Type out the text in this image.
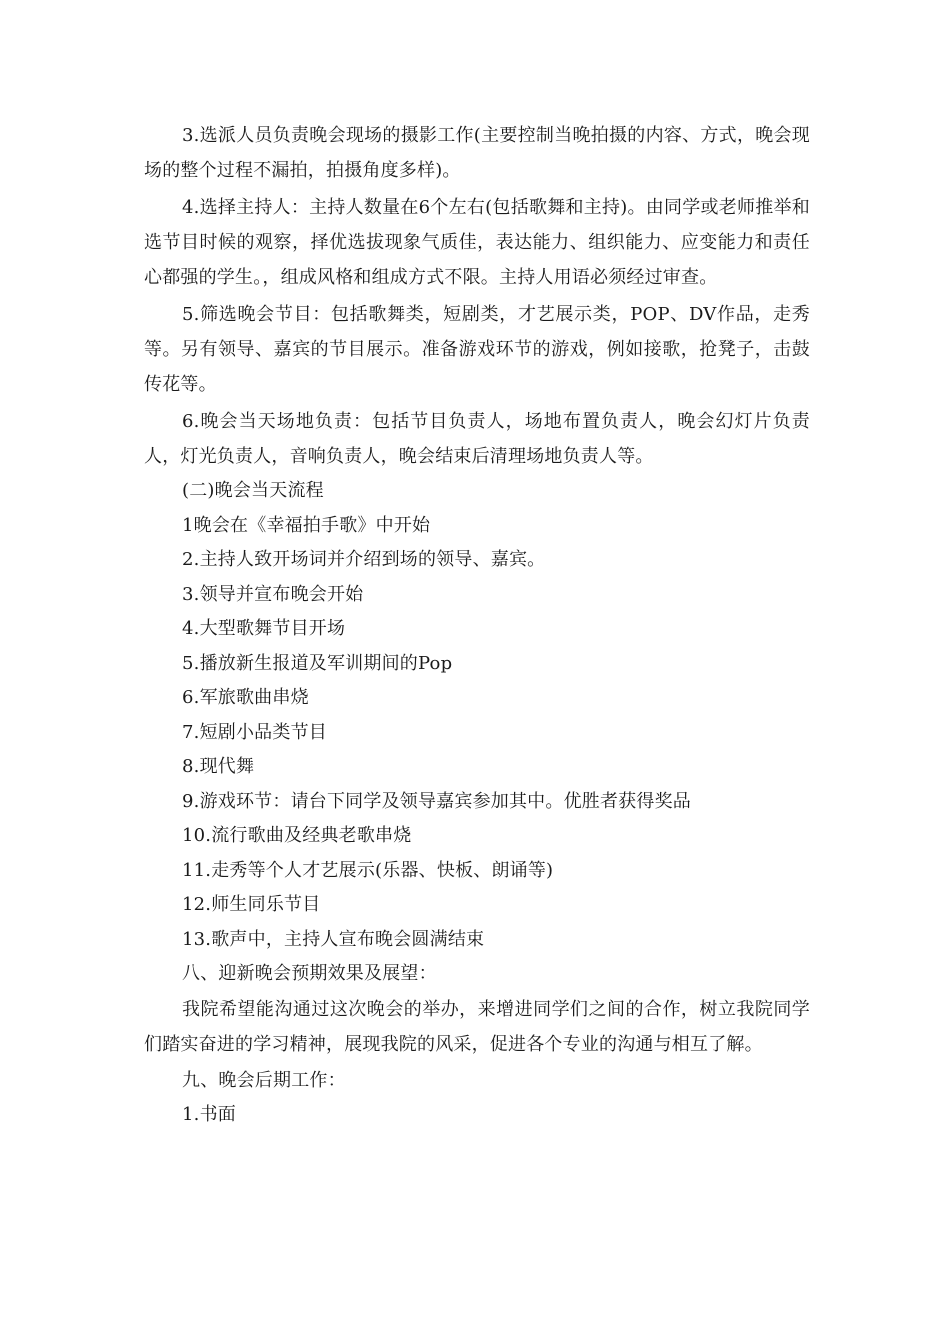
3.选派人员负责晚会现场的摄影工作(主要控制当晚拍摄的内容、方式，晚会现场的整个过程不漏拍，拍摄角度多样)。

4.选择主持人：主持人数量在6个左右(包括歌舞和主持)。由同学或老师推举和选节目时候的观察，择优选拔现象气质佳，表达能力、组织能力、应变能力和责任心都强的学生。，组成风格和组成方式不限。主持人用语必须经过审查。

5.筛选晚会节目：包括歌舞类，短剧类，才艺展示类，POP、DV作品，走秀等。另有领导、嘉宾的节目展示。准备游戏环节的游戏，例如接歌，抢凳子，击鼓传花等。

6.晚会当天场地负责：包括节目负责人，场地布置负责人，晚会幻灯片负责人，灯光负责人，音响负责人，晚会结束后清理场地负责人等。

(二)晚会当天流程

1晚会在《幸福拍手歌》中开始

2.主持人致开场词并介绍到场的领导、嘉宾。

3.领导并宣布晚会开始

4.大型歌舞节目开场

5.播放新生报道及军训期间的Pop

6.军旅歌曲串烧

7.短剧小品类节目

8.现代舞

9.游戏环节：请台下同学及领导嘉宾参加其中。优胜者获得奖品

10.流行歌曲及经典老歌串烧

11.走秀等个人才艺展示(乐器、快板、朗诵等)

12.师生同乐节目

13.歌声中，主持人宣布晚会圆满结束

八、迎新晚会预期效果及展望：

我院希望能沟通过这次晚会的举办，来增进同学们之间的合作，树立我院同学们踏实奋进的学习精神，展现我院的风采，促进各个专业的沟通与相互了解。

九、晚会后期工作：

1.书面
